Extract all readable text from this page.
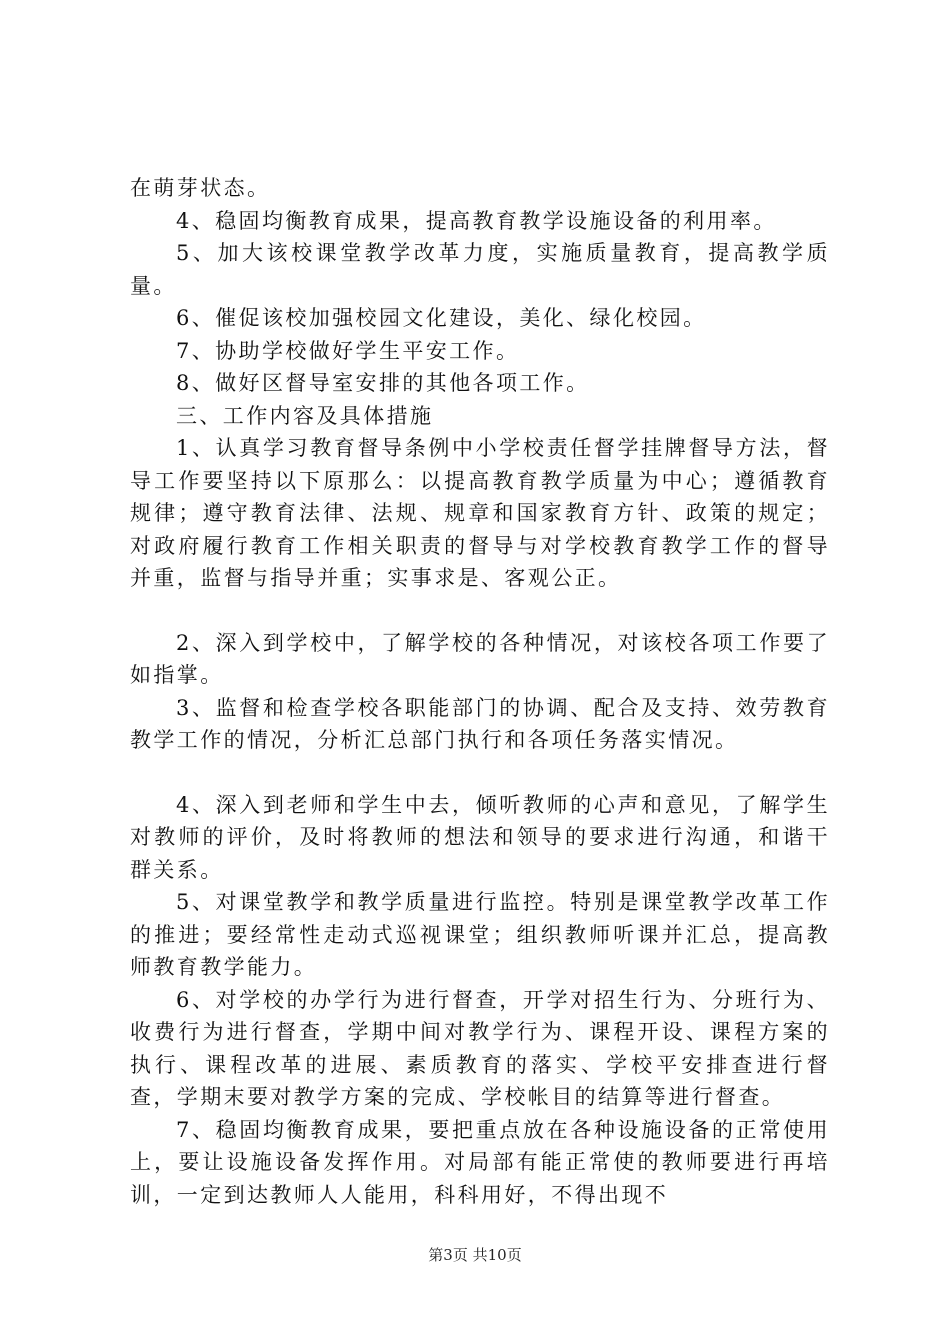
在萌芽状态。

4、稳固均衡教育成果，提高教育教学设施设备的利用率。

5、加大该校课堂教学改革力度，实施质量教育，提高教学质量。

6、催促该校加强校园文化建设，美化、绿化校园。

7、协助学校做好学生平安工作。

8、做好区督导室安排的其他各项工作。

三、工作内容及具体措施

1、认真学习教育督导条例中小学校责任督学挂牌督导方法，督导工作要坚持以下原那么：以提高教育教学质量为中心；遵循教育规律；遵守教育法律、法规、规章和国家教育方针、政策的规定；对政府履行教育工作相关职责的督导与对学校教育教学工作的督导并重，监督与指导并重；实事求是、客观公正。

2、深入到学校中，了解学校的各种情况，对该校各项工作要了如指掌。

3、监督和检查学校各职能部门的协调、配合及支持、效劳教育教学工作的情况，分析汇总部门执行和各项任务落实情况。

4、深入到老师和学生中去，倾听教师的心声和意见，了解学生对教师的评价，及时将教师的想法和领导的要求进行沟通，和谐干群关系。

5、对课堂教学和教学质量进行监控。特别是课堂教学改革工作的推进；要经常性走动式巡视课堂；组织教师听课并汇总，提高教师教育教学能力。

6、对学校的办学行为进行督查，开学对招生行为、分班行为、收费行为进行督查，学期中间对教学行为、课程开设、课程方案的执行、课程改革的进展、素质教育的落实、学校平安排查进行督查，学期末要对教学方案的完成、学校帐目的结算等进行督查。

7、稳固均衡教育成果，要把重点放在各种设施设备的正常使用上，要让设施设备发挥作用。对局部有能正常使的教师要进行再培训，一定到达教师人人能用，科科用好，不得出现不

第3页 共10页
